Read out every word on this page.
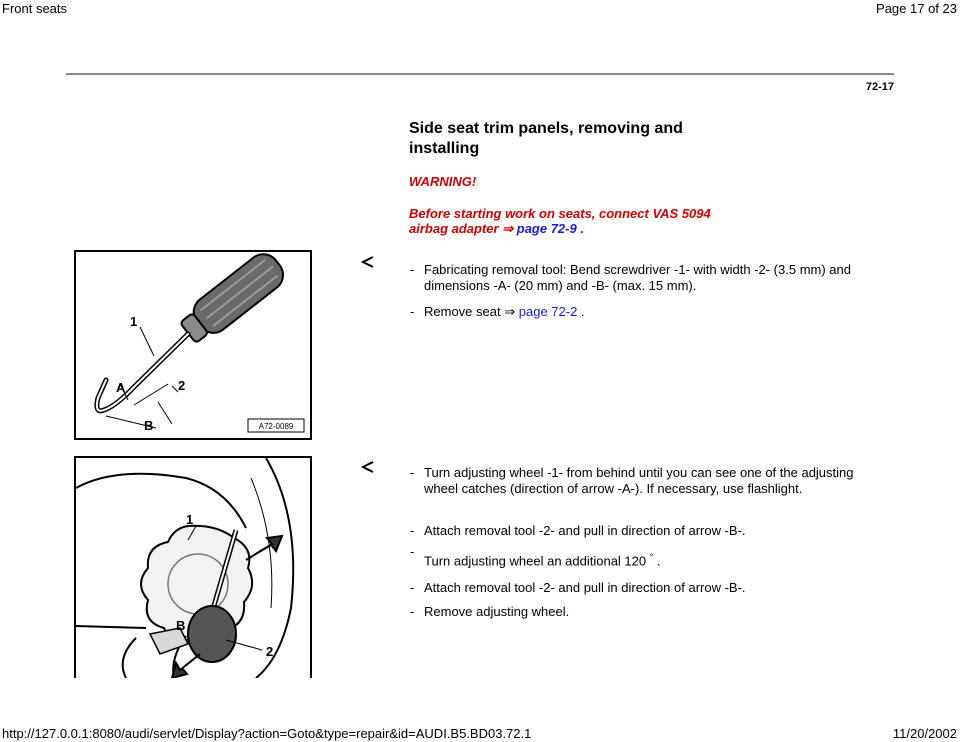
Front seats	Page 17 of 23
72-17
Side seat trim panels, removing and installing
WARNING!
Before starting work on seats, connect VAS 5094 airbag adapter ⇒ page 72-9 .
1
A	2
B	A72-0089
- Fabricating removal tool: Bend screwdriver -1- with width -2- (3.5 mm) and dimensions -A- (20 mm) and -B- (max. 15 mm).
- Remove seat ⇒ page 72-2 .
1
B
2
- Turn adjusting wheel -1- from behind until you can see one of the adjusting wheel catches (direction of arrow -A-). If necessary, use flashlight.
- Attach removal tool -2- and pull in direction of arrow -B-.
-
Turn adjusting wheel an additional 120 ° .
- Attach removal tool -2- and pull in direction of arrow -B-.
- Remove adjusting wheel.
http://127.0.0.1:8080/audi/servlet/Display?action=Goto&type=repair&id=AUDI.B5.BD03.72.1	11/20/2002
